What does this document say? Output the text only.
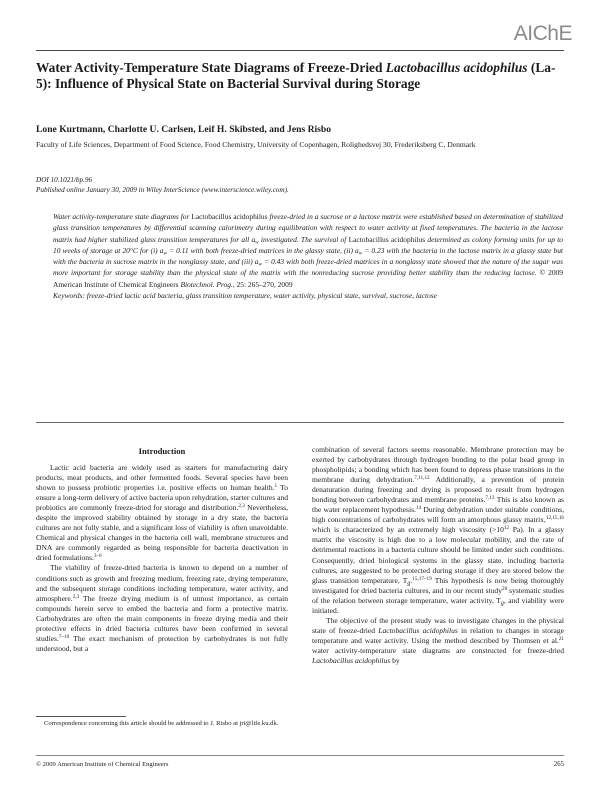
AIChE
Water Activity-Temperature State Diagrams of Freeze-Dried Lactobacillus acidophilus (La-5): Influence of Physical State on Bacterial Survival during Storage
Lone Kurtmann, Charlotte U. Carlsen, Leif H. Skibsted, and Jens Risbo
Faculty of Life Sciences, Department of Food Science, Food Chemistry, University of Copenhagen, Rolighedsvej 30, Frederiksberg C, Denmark
DOI 10.1021/bp.96
Published online January 30, 2009 in Wiley InterScience (www.interscience.wiley.com).
Water activity-temperature state diagrams for Lactobacillus acidophilus freeze-dried in a sucrose or a lactose matrix were established based on determination of stabilized glass transition temperatures by differential scanning calorimetry during equilibration with respect to water activity at fixed temperatures. The bacteria in the lactose matrix had higher stabilized glass transition temperatures for all $a_w$ investigated. The survival of Lactobacillus acidophilus determined as colony forming units for up to 10 weeks of storage at 20°C for (i) $a_w = 0.11$ with both freeze-dried matrices in the glassy state, (ii) $a_w = 0.23$ with the bacteria in the lactose matrix in a glassy state but with the bacteria in sucrose matrix in the nonglassy state, and (iii) $a_w = 0.43$ with both freeze-dried matrices in a nonglassy state showed that the nature of the sugar was more important for storage stability than the physical state of the matrix with the nonreducing sucrose providing better stability than the reducing lactose. © 2009 American Institute of Chemical Engineers Biotechnol. Prog., 25: 265–270, 2009
Keywords: freeze-dried lactic acid bacteria, glass transition temperature, water activity, physical state, survival, sucrose, lactose
Introduction

Lactic acid bacteria are widely used as starters for manufacturing dairy products, meat products, and other fermented foods. Several species have been shown to possess probiotic properties i.e. positive effects on human health.$^1$ To ensure a long-term delivery of active bacteria upon rehydration, starter cultures and probiotics are commonly freeze-dried for storage and distribution.$^{2,3}$ Nevertheless, despite the improved stability obtained by storage in a dry state, the bacteria cultures are not fully stable, and a significant loss of viability is often unavoidable. Chemical and physical changes in the bacteria cell wall, membrane structures and DNA are commonly regarded as being responsible for bacteria deactivation in dried formulations.$^{3-6}$

The viability of freeze-dried bacteria is known to depend on a number of conditions such as growth and freezing medium, freezing rate, drying temperature, and the subsequent storage conditions including temperature, water activity, and atmosphere.$^{2,3}$ The freeze drying medium is of utmost importance, as certain compounds herein serve to embed the bacteria and form a protective matrix. Carbohydrates are often the main components in freeze drying media and their protective effects in dried bacteria cultures have been confirmed in several studies.$^{7-10}$ The exact mechanism of protection by carbohydrates is not fully understood, but a

combination of several factors seems reasonable. Membrane protection may be exerted by carbohydrates through hydrogen bonding to the polar head group in phospholipids; a bonding which has been found to depress phase transitions in the membrane during dehydration.$^{7,11,12}$ Additionally, a prevention of protein denaturation during freezing and drying is proposed to result from hydrogen bonding between carbohydrates and membrane proteins.$^{7,13}$ This is also known as the water replacement hypothesis.$^{14}$ During dehydration under suitable conditions, high concentrations of carbohydrates will form an amorphous glassy matrix,$^{12,15,16}$ which is characterized by an extremely high viscosity ($>10^{12}$ Pa). In a glassy matrix the viscosity is high due to a low molecular mobility, and the rate of detrimental reactions in a bacteria culture should be limited under such conditions. Consequently, dried biological systems in the glassy state, including bacteria cultures, are suggested to be protected during storage if they are stored below the glass transition temperature, Tg.$^{15,17-19}$ This hypothesis is now being thoroughly investigated for dried bacteria cultures, and in our recent study$^{20}$ systematic studies of the relation between storage temperature, water activity, Tg, and viability were initiated.

The objective of the present study was to investigate changes in the physical state of freeze-dried Lactobacillus acidophilus in relation to changes in storage temperature and water activity. Using the method described by Thomsen et al.$^{21}$ water activity-temperature state diagrams are constructed for freeze-dried Lactobacillus acidophilus by

Correspondence concerning this article should be addressed to J. Risbo at jri@life.ku.dk.
© 2009 American Institute of Chemical Engineers	265
